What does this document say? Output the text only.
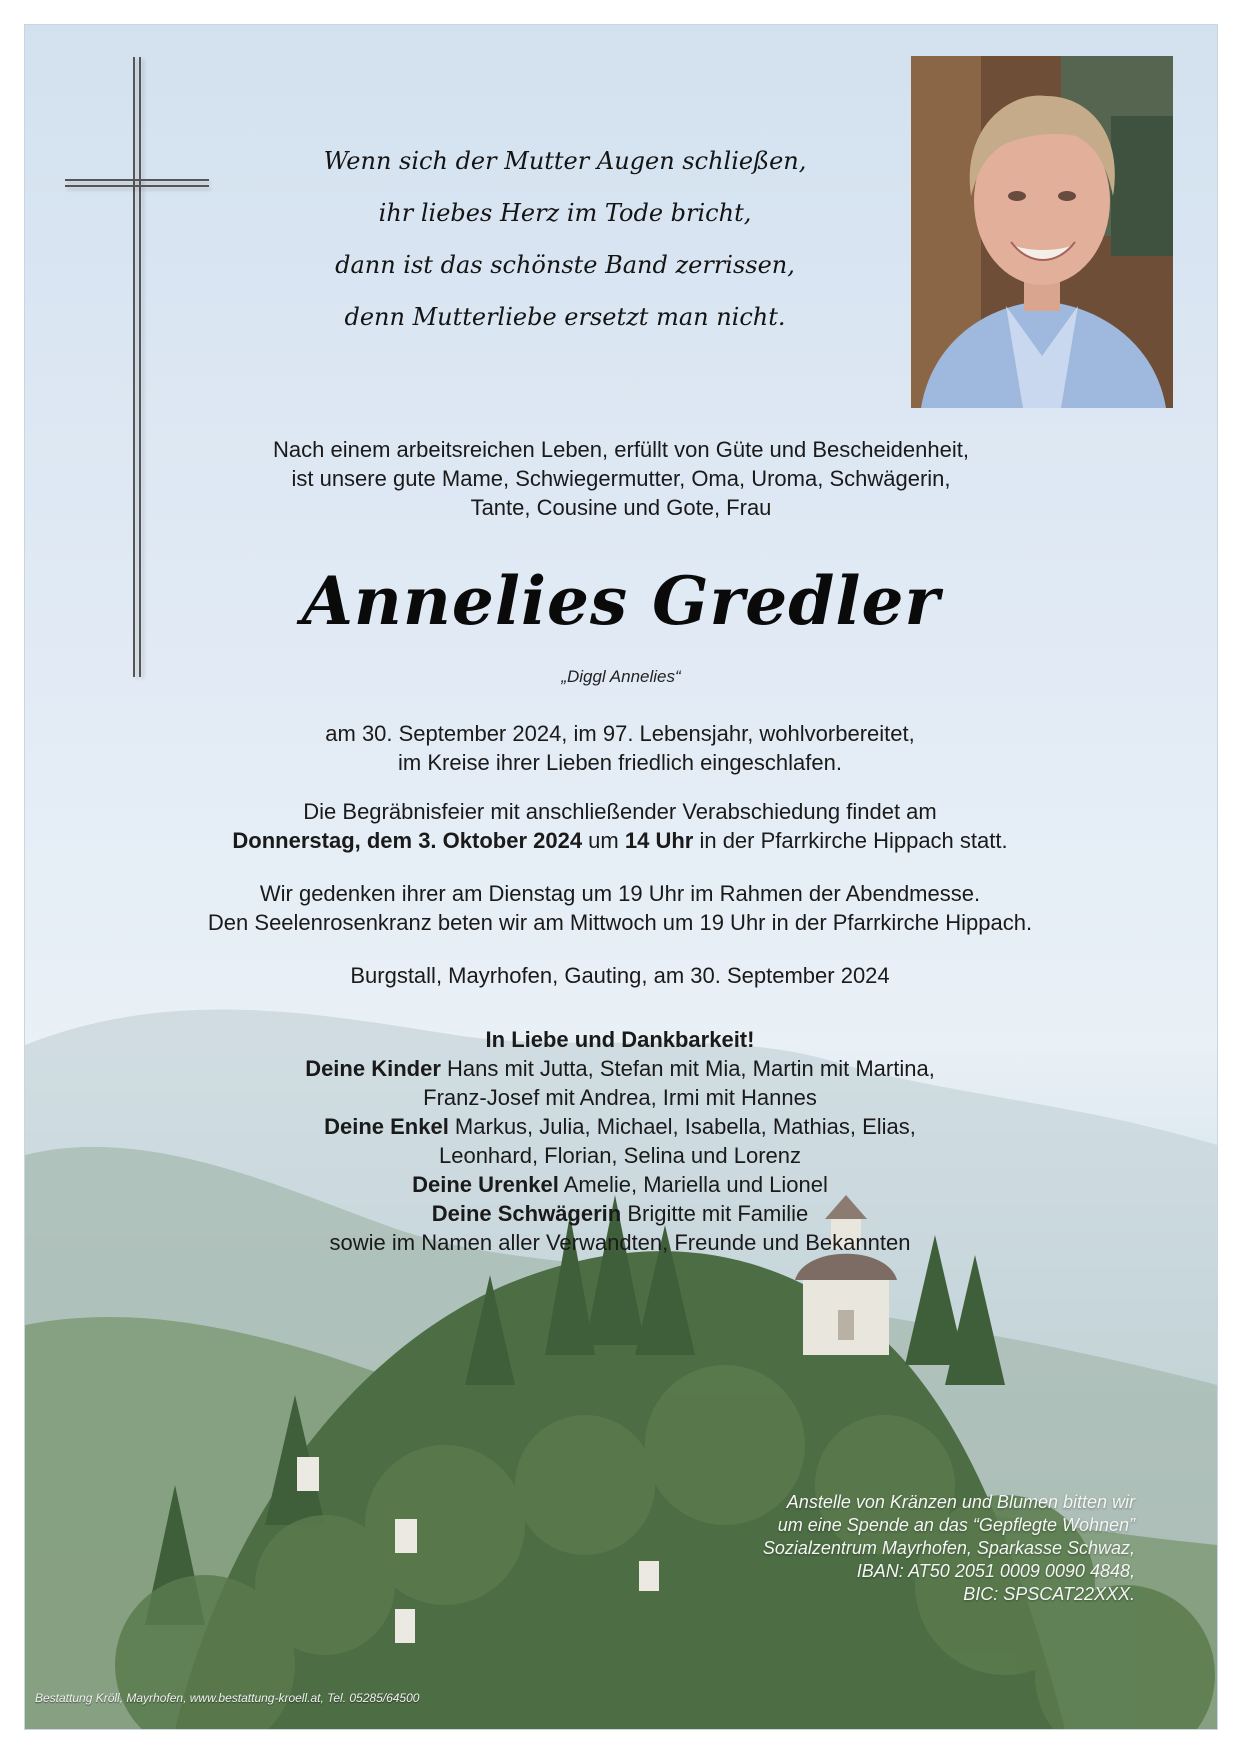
Wenn sich der Mutter Augen schließen,
ihr liebes Herz im Tode bricht,
dann ist das schönste Band zerrissen,
denn Mutterliebe ersetzt man nicht.
Nach einem arbeitsreichen Leben, erfüllt von Güte und Bescheidenheit,
ist unsere gute Mame, Schwiegermutter, Oma, Uroma, Schwägerin,
Tante, Cousine und Gote, Frau
Annelies Gredler
„Diggl Annelies“
am 30. September 2024, im 97. Lebensjahr, wohlvorbereitet,
im Kreise ihrer Lieben friedlich eingeschlafen.
Die Begräbnisfeier mit anschließender Verabschiedung findet am
Donnerstag, dem 3. Oktober 2024 um 14 Uhr in der Pfarrkirche Hippach statt.
Wir gedenken ihrer am Dienstag um 19 Uhr im Rahmen der Abendmesse.
Den Seelenrosenkranz beten wir am Mittwoch um 19 Uhr in der Pfarrkirche Hippach.
Burgstall, Mayrhofen, Gauting, am 30. September 2024
In Liebe und Dankbarkeit!
Deine Kinder Hans mit Jutta, Stefan mit Mia, Martin mit Martina,
Franz-Josef mit Andrea, Irmi mit Hannes
Deine Enkel Markus, Julia, Michael, Isabella, Mathias, Elias,
Leonhard, Florian, Selina und Lorenz
Deine Urenkel Amelie, Mariella und Lionel
Deine Schwägerin Brigitte mit Familie
sowie im Namen aller Verwandten, Freunde und Bekannten
Anstelle von Kränzen und Blumen bitten wir
um eine Spende an das “Gepflegte Wohnen”
Sozialzentrum Mayrhofen, Sparkasse Schwaz,
IBAN: AT50 2051 0009 0090 4848,
BIC: SPSCAT22XXX.
Bestattung Kröll, Mayrhofen, www.bestattung-kroell.at, Tel. 05285/64500
